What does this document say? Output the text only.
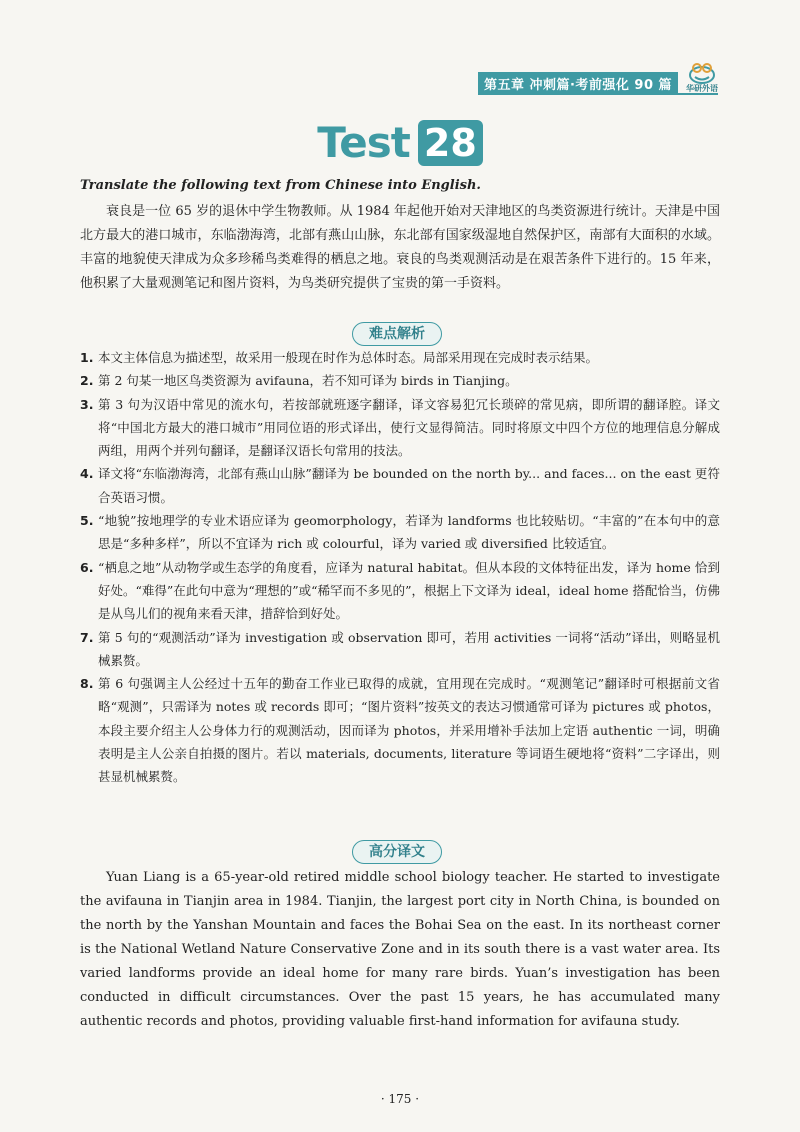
第五章 冲刺篇·考前强化 90 篇	华研外语
Test 28
Translate the following text from Chinese into English.

衰良是一位 65 岁的退休中学生物教师。从 1984 年起他开始对天津地区的鸟类资源进行统计。天津是中国北方最大的港口城市，东临渤海湾，北部有燕山山脉，东北部有国家级湿地自然保护区，南部有大面积的水域。丰富的地貌使天津成为众多珍稀鸟类难得的栖息之地。衰良的鸟类观测活动是在艰苦条件下进行的。15 年来，他积累了大量观测笔记和图片资料，为鸟类研究提供了宝贵的第一手资料。

难点解析
1. 本文主体信息为描述型，故采用一般现在时作为总体时态。局部采用现在完成时表示结果。
2. 第 2 句某一地区鸟类资源为 avifauna，若不知可译为 birds in Tianjing。
3. 第 3 句为汉语中常见的流水句，若按部就班逐字翻译，译文容易犯冗长琐碎的常见病，即所谓的翻译腔。译文将“中国北方最大的港口城市”用同位语的形式译出，使行文显得简洁。同时将原文中四个方位的地理信息分解成两组，用两个并列句翻译，是翻译汉语长句常用的技法。
4. 译文将“东临渤海湾，北部有燕山山脉”翻译为 be bounded on the north by... and faces... on the east 更符合英语习惯。
5. “地貌”按地理学的专业术语应译为 geomorphology，若译为 landforms 也比较贴切。“丰富的”在本句中的意思是“多种多样”，所以不宜译为 rich 或 colourful，译为 varied 或 diversified 比较适宜。
6. “栖息之地”从动物学或生态学的角度看，应译为 natural habitat。但从本段的文体特征出发，译为 home 恰到好处。“难得”在此句中意为“理想的”或“稀罕而不多见的”，根据上下文译为 ideal，ideal home 搭配恰当，仿佛是从鸟儿们的视角来看天津，措辞恰到好处。
7. 第 5 句的“观测活动”译为 investigation 或 observation 即可，若用 activities 一词将“活动”译出，则略显机械累赘。
8. 第 6 句强调主人公经过十五年的勤奋工作业已取得的成就，宜用现在完成时。“观测笔记”翻译时可根据前文省略“观测”，只需译为 notes 或 records 即可；“图片资料”按英文的表达习惯通常可译为 pictures 或 photos，本段主要介绍主人公身体力行的观测活动，因而译为 photos，并采用增补手法加上定语 authentic 一词，明确表明是主人公亲自拍摄的图片。若以 materials, documents, literature 等词语生硬地将“资料”二字译出，则甚显机械累赘。
高分译文

Yuan Liang is a 65-year-old retired middle school biology teacher. He started to investigate the avifauna in Tianjin area in 1984. Tianjin, the largest port city in North China, is bounded on the north by the Yanshan Mountain and faces the Bohai Sea on the east. In its northeast corner is the National Wetland Nature Conservative Zone and in its south there is a vast water area. Its varied landforms provide an ideal home for many rare birds. Yuan’s investigation has been conducted in difficult circumstances. Over the past 15 years, he has accumulated many authentic records and photos, providing valuable first-hand information for avifauna study.

· 175 ·
